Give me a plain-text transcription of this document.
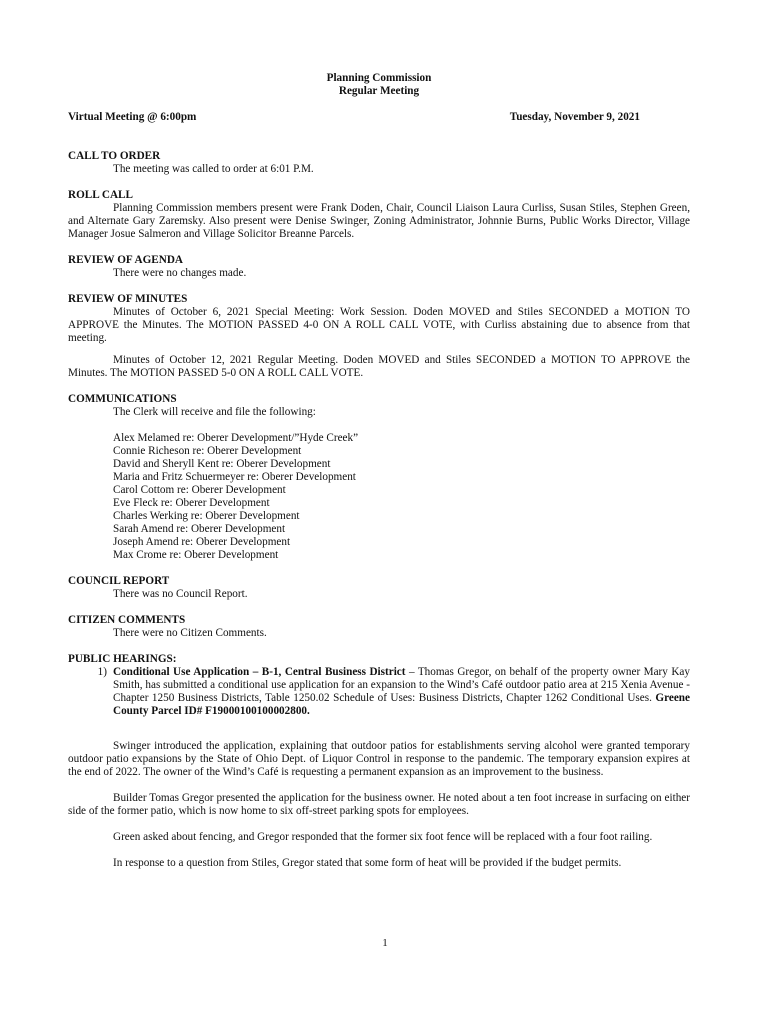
Planning Commission
Regular Meeting
Virtual Meeting @ 6:00pm	Tuesday, November 9, 2021
CALL TO ORDER
The meeting was called to order at 6:01 P.M.
ROLL CALL
Planning Commission members present were Frank Doden, Chair, Council Liaison Laura Curliss, Susan Stiles, Stephen Green, and Alternate Gary Zaremsky. Also present were Denise Swinger, Zoning Administrator, Johnnie Burns, Public Works Director, Village Manager Josue Salmeron and Village Solicitor Breanne Parcels.
REVIEW OF AGENDA
There were no changes made.
REVIEW OF MINUTES
Minutes of October 6, 2021 Special Meeting: Work Session. Doden MOVED and Stiles SECONDED a MOTION TO APPROVE the Minutes. The MOTION PASSED 4-0 ON A ROLL CALL VOTE, with Curliss abstaining due to absence from that meeting.
Minutes of October 12, 2021 Regular Meeting. Doden MOVED and Stiles SECONDED a MOTION TO APPROVE the Minutes. The MOTION PASSED 5-0 ON A ROLL CALL VOTE.
COMMUNICATIONS
The Clerk will receive and file the following:
Alex Melamed re: Oberer Development/”Hyde Creek”
Connie Richeson re: Oberer Development
David and Sheryll Kent re: Oberer Development
Maria and Fritz Schuermeyer re: Oberer Development
Carol Cottom re: Oberer Development
Eve Fleck re: Oberer Development
Charles Werking re: Oberer Development
Sarah Amend re: Oberer Development
Joseph Amend re: Oberer Development
Max Crome re: Oberer Development
COUNCIL REPORT
There was no Council Report.
CITIZEN COMMENTS
There were no Citizen Comments.
PUBLIC HEARINGS:
1) Conditional Use Application – B-1, Central Business District – Thomas Gregor, on behalf of the property owner Mary Kay Smith, has submitted a conditional use application for an expansion to the Wind’s Café outdoor patio area at 215 Xenia Avenue - Chapter 1250 Business Districts, Table 1250.02 Schedule of Uses: Business Districts, Chapter 1262 Conditional Uses. Greene County Parcel ID# F19000100100002800.
Swinger introduced the application, explaining that outdoor patios for establishments serving alcohol were granted temporary outdoor patio expansions by the State of Ohio Dept. of Liquor Control in response to the pandemic. The temporary expansion expires at the end of 2022. The owner of the Wind’s Café is requesting a permanent expansion as an improvement to the business.
Builder Tomas Gregor presented the application for the business owner. He noted about a ten foot increase in surfacing on either side of the former patio, which is now home to six off-street parking spots for employees.
Green asked about fencing, and Gregor responded that the former six foot fence will be replaced with a four foot railing.
In response to a question from Stiles, Gregor stated that some form of heat will be provided if the budget permits.
1
